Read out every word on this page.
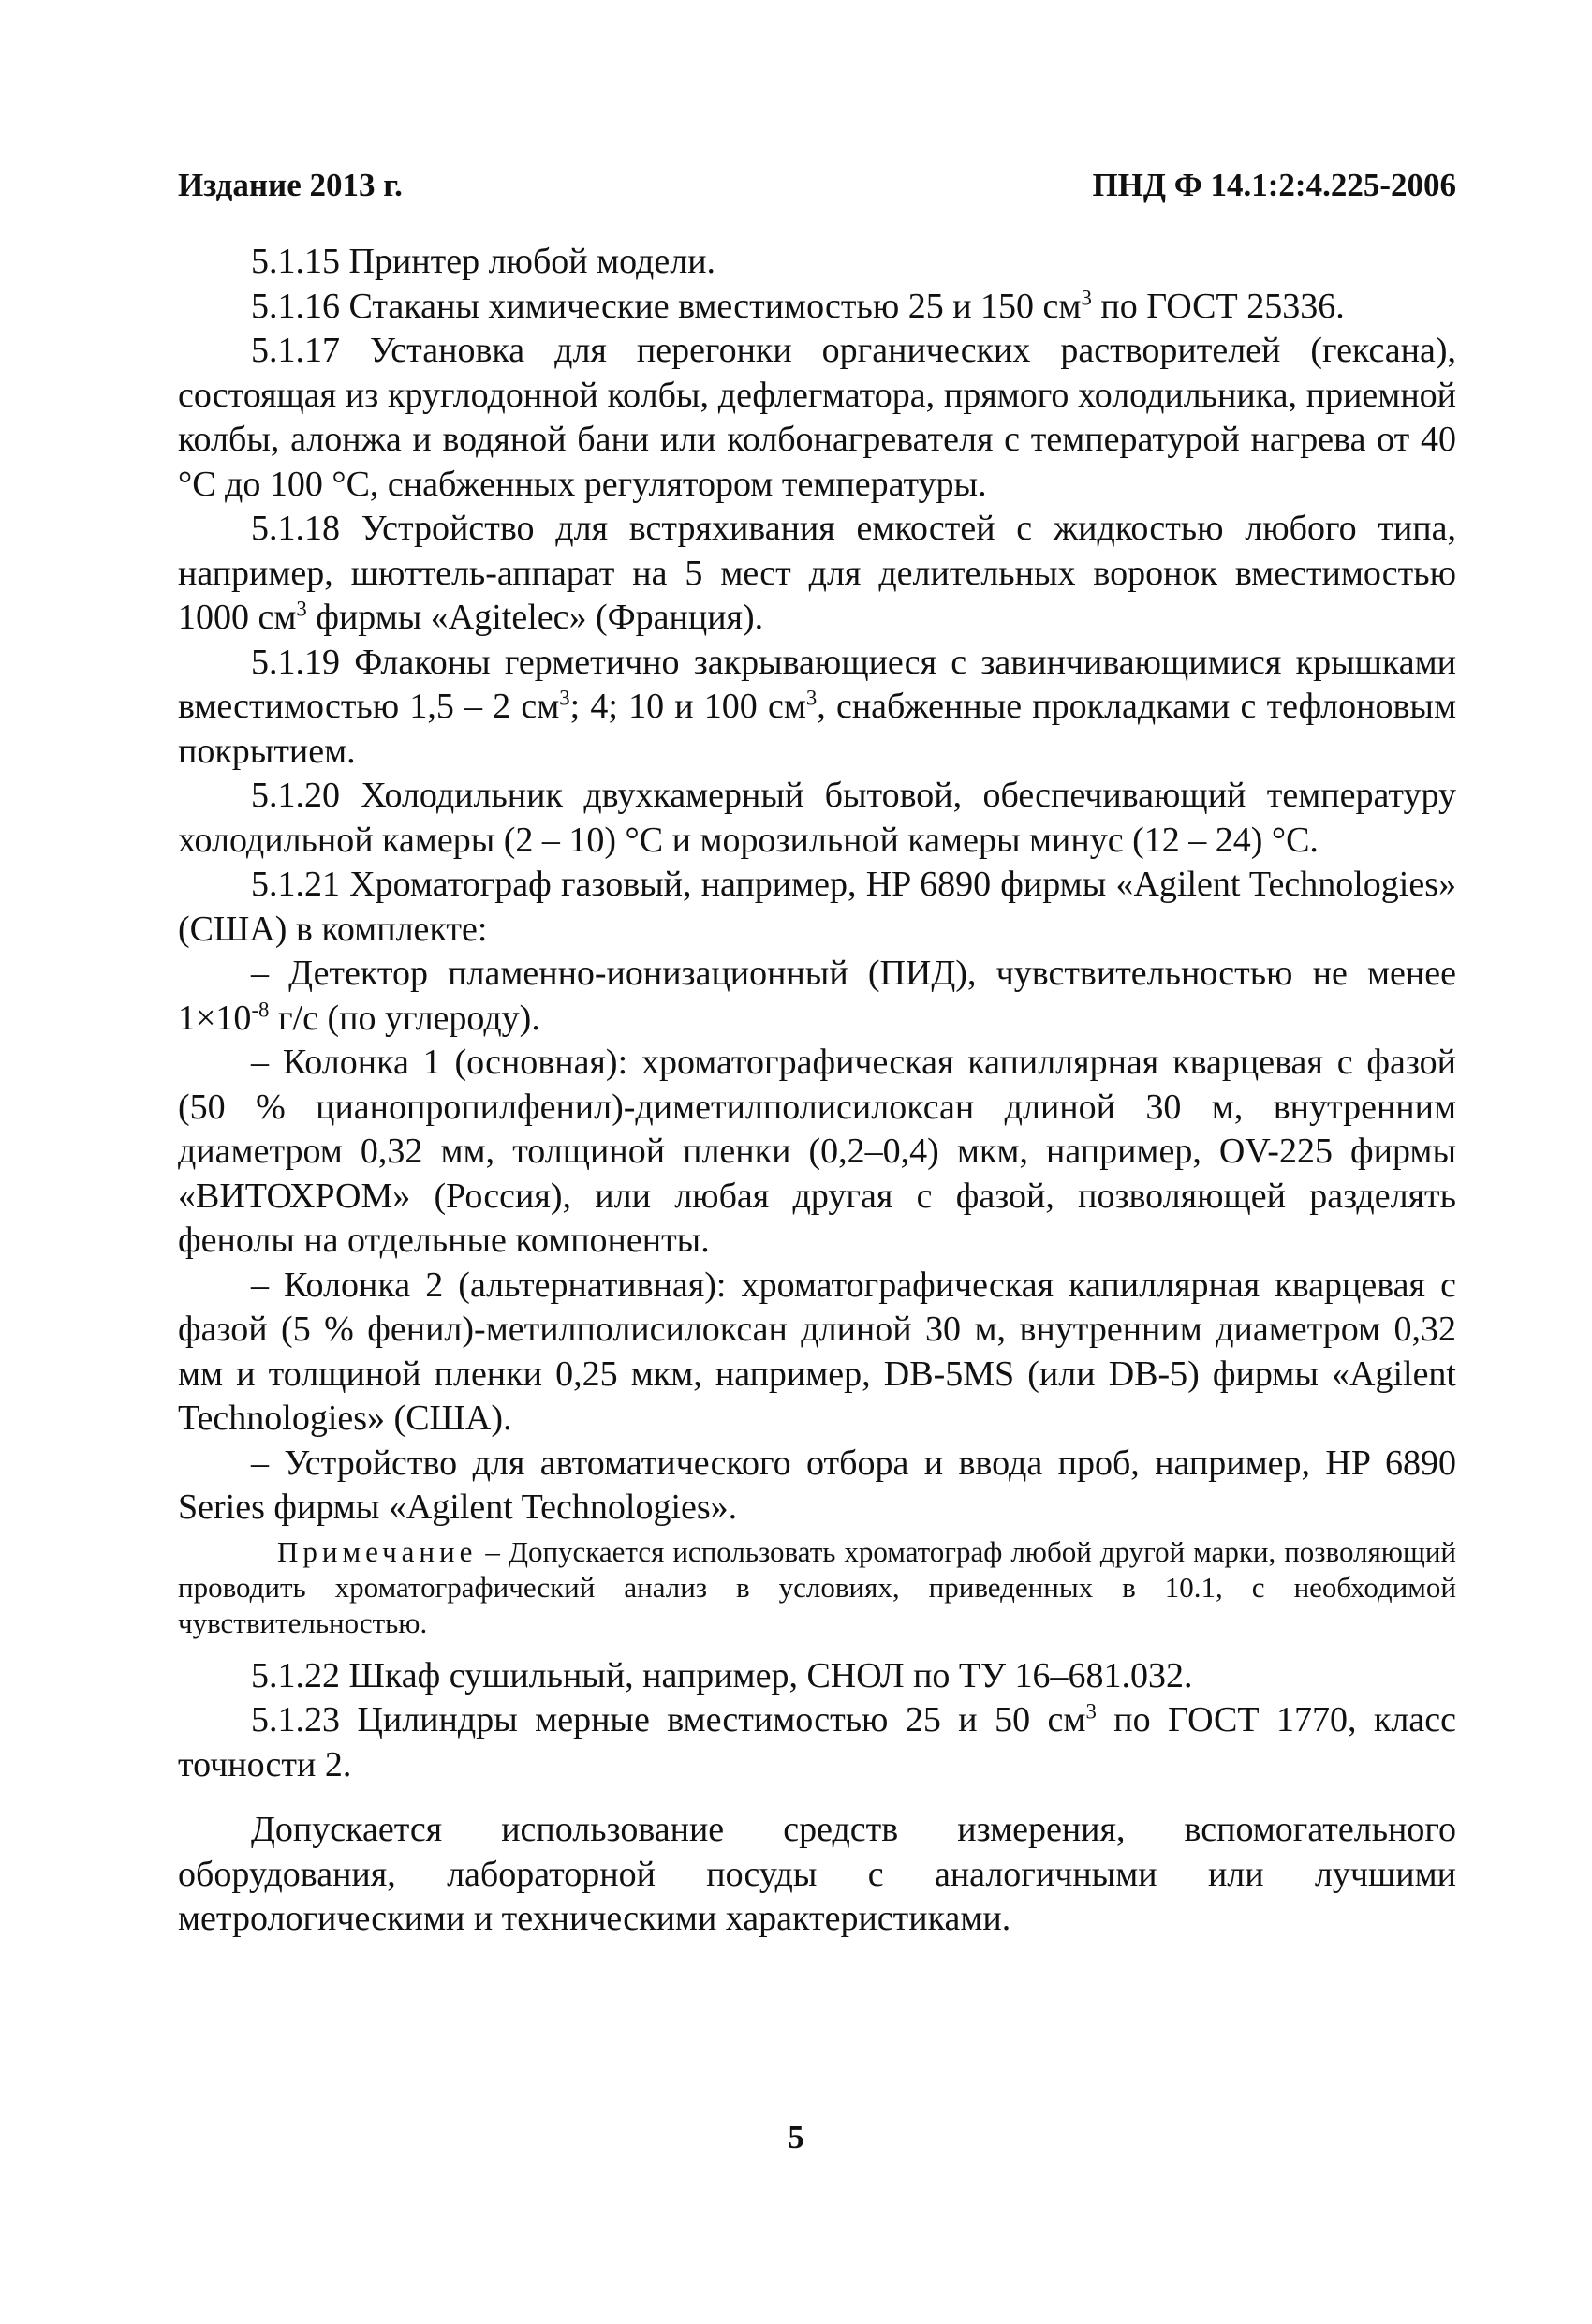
Издание 2013 г.	ПНД Ф 14.1:2:4.225-2006

5.1.15 Принтер любой модели.

5.1.16 Стаканы химические вместимостью 25 и 150 $см^3$ по ГОСТ 25336.

5.1.17 Установка для перегонки органических растворителей (гексана), состоящая из круглодонной колбы, дефлегматора, прямого холодильника, приемной колбы, алонжа и водяной бани или колбонагревателя с температурой нагрева от 40 °С до 100 °С, снабженных регулятором температуры.

5.1.18 Устройство для встряхивания емкостей с жидкостью любого типа, например, шюттель-аппарат на 5 мест для делительных воронок вместимостью 1000 $см^3$ фирмы «Agitelec» (Франция).

5.1.19 Флаконы герметично закрывающиеся с завинчивающимися крышками вместимостью 1,5 – 2 $см^3$; 4; 10 и 100 $см^3$, снабженные прокладками с тефлоновым покрытием.

5.1.20 Холодильник двухкамерный бытовой, обеспечивающий температуру холодильной камеры (2 – 10) °С и морозильной камеры минус (12 – 24) °С.

5.1.21 Хроматограф газовый, например, HP 6890 фирмы «Agilent Technologies» (США) в комплекте:

– Детектор пламенно-ионизационный (ПИД), чувствительностью не менее $1\times 10^{-8}$ г/с (по углероду).

– Колонка 1 (основная): хроматографическая капиллярная кварцевая с фазой (50 % цианопропилфенил)-диметилполисилоксан длиной 30 м, внутренним диаметром 0,32 мм, толщиной пленки (0,2–0,4) мкм, например, OV-225 фирмы «ВИТОХРОМ» (Россия), или любая другая с фазой, позволяющей разделять фенолы на отдельные компоненты.

– Колонка 2 (альтернативная): хроматографическая капиллярная кварцевая с фазой (5 % фенил)-метилполисилоксан длиной 30 м, внутренним диаметром 0,32 мм и толщиной пленки 0,25 мкм, например, DB-5MS (или DB-5) фирмы «Agilent Technologies» (США).

– Устройство для автоматического отбора и ввода проб, например, HP 6890 Series фирмы «Agilent Technologies».

Примечание – Допускается использовать хроматограф любой другой марки, позволяющий проводить хроматографический анализ в условиях, приведенных в 10.1, с необходимой чувствительностью.

5.1.22 Шкаф сушильный, например, СНОЛ по ТУ 16–681.032.

5.1.23 Цилиндры мерные вместимостью 25 и 50 $см^3$ по ГОСТ 1770, класс точности 2.

Допускается использование средств измерения, вспомогательного оборудования, лабораторной посуды с аналогичными или лучшими метрологическими и техническими характеристиками.

5
